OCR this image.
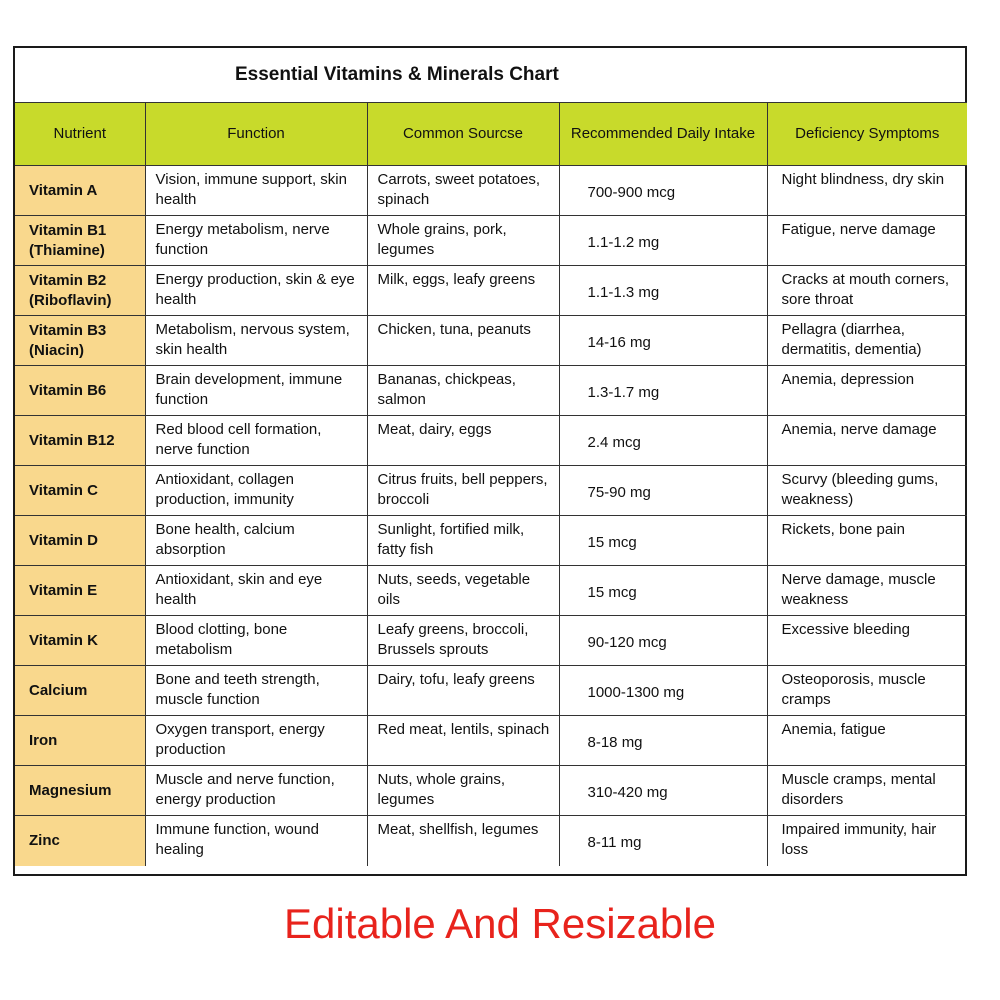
Essential Vitamins & Minerals Chart
Nutrient	Function	Common Sourcse	Recommended Daily Intake	Deficiency Symptoms
Vitamin A	Vision, immune support, skin health	Carrots, sweet potatoes, spinach	700-900 mcg	Night blindness, dry skin
Vitamin B1 (Thiamine)	Energy metabolism, nerve function	Whole grains, pork, legumes	1.1-1.2 mg	Fatigue, nerve damage
Vitamin B2 (Riboflavin)	Energy production, skin & eye health	Milk, eggs, leafy greens	1.1-1.3 mg	Cracks at mouth corners, sore throat
Vitamin B3 (Niacin)	Metabolism, nervous system, skin health	Chicken, tuna, peanuts	14-16 mg	Pellagra (diarrhea, dermatitis, dementia)
Vitamin B6	Brain development, immune function	Bananas, chickpeas, salmon	1.3-1.7 mg	Anemia, depression
Vitamin B12	Red blood cell formation, nerve function	Meat, dairy, eggs	2.4 mcg	Anemia, nerve damage
Vitamin C	Antioxidant, collagen production, immunity	Citrus fruits, bell peppers, broccoli	75-90 mg	Scurvy (bleeding gums, weakness)
Vitamin D	Bone health, calcium absorption	Sunlight, fortified milk, fatty fish	15 mcg	Rickets, bone pain
Vitamin E	Antioxidant, skin and eye health	Nuts, seeds, vegetable oils	15 mcg	Nerve damage, muscle weakness
Vitamin K	Blood clotting, bone metabolism	Leafy greens, broccoli, Brussels sprouts	90-120 mcg	Excessive bleeding
Calcium	Bone and teeth strength, muscle function	Dairy, tofu, leafy greens	1000-1300 mg	Osteoporosis, muscle cramps
Iron	Oxygen transport, energy production	Red meat, lentils, spinach	8-18 mg	Anemia, fatigue
Magnesium	Muscle and nerve function, energy production	Nuts, whole grains, legumes	310-420 mg	Muscle cramps, mental disorders
Zinc	Immune function, wound healing	Meat, shellfish, legumes	8-11 mg	Impaired immunity, hair loss
Editable And Resizable
